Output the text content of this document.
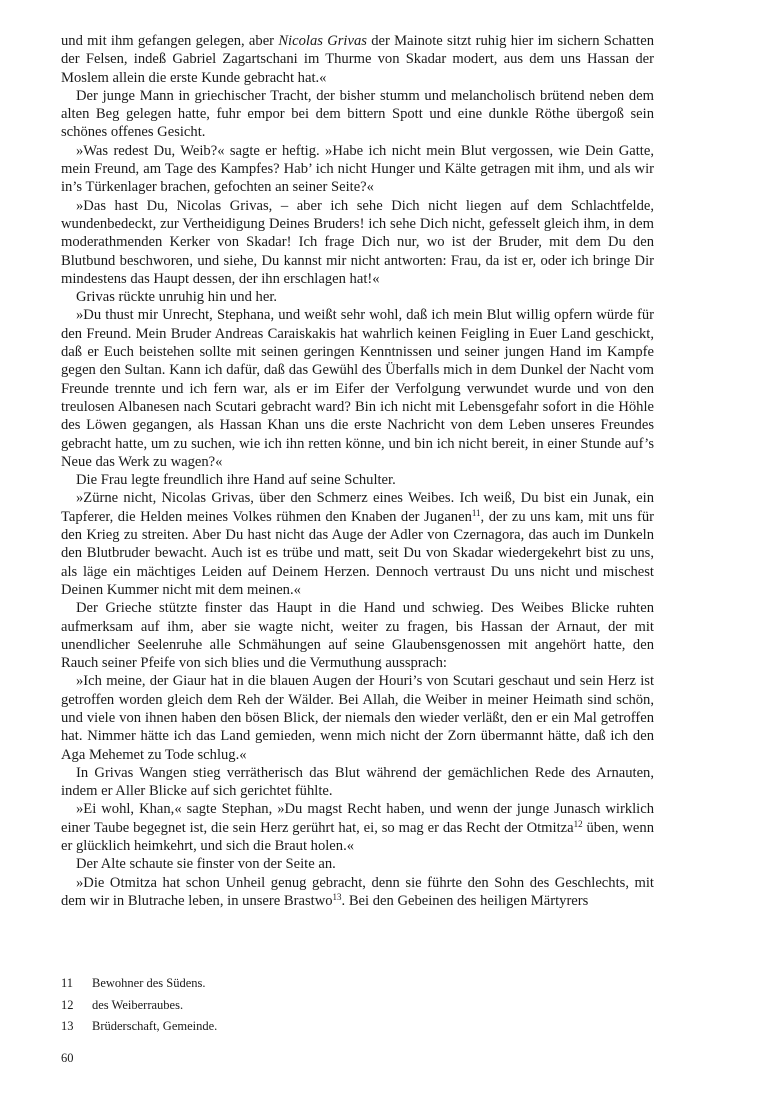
und mit ihm gefangen gelegen, aber Nicolas Grivas der Mainote sitzt ruhig hier im sichern Schatten der Felsen, indeß Gabriel Zagartschani im Thurme von Skadar modert, aus dem uns Hassan der Moslem allein die erste Kunde gebracht hat.«

Der junge Mann in griechischer Tracht, der bisher stumm und melancholisch brütend neben dem alten Beg gelegen hatte, fuhr empor bei dem bittern Spott und eine dunkle Röthe übergoß sein schönes offenes Gesicht.

»Was redest Du, Weib?« sagte er heftig. »Habe ich nicht mein Blut vergossen, wie Dein Gatte, mein Freund, am Tage des Kampfes? Hab’ ich nicht Hunger und Kälte getragen mit ihm, und als wir in’s Türkenlager brachen, gefochten an seiner Seite?«

»Das hast Du, Nicolas Grivas, – aber ich sehe Dich nicht liegen auf dem Schlachtfelde, wundenbedeckt, zur Vertheidigung Deines Bruders! ich sehe Dich nicht, gefesselt gleich ihm, in dem moderathmenden Kerker von Skadar! Ich frage Dich nur, wo ist der Bruder, mit dem Du den Blutbund beschworen, und siehe, Du kannst mir nicht antworten: Frau, da ist er, oder ich bringe Dir mindestens das Haupt dessen, der ihn erschlagen hat!«

Grivas rückte unruhig hin und her.

»Du thust mir Unrecht, Stephana, und weißt sehr wohl, daß ich mein Blut willig opfern würde für den Freund. Mein Bruder Andreas Caraiskakis hat wahrlich keinen Feigling in Euer Land geschickt, daß er Euch beistehen sollte mit seinen geringen Kenntnissen und seiner jungen Hand im Kampfe gegen den Sultan. Kann ich dafür, daß das Gewühl des Überfalls mich in dem Dunkel der Nacht vom Freunde trennte und ich fern war, als er im Eifer der Verfolgung verwundet wurde und von den treulosen Albanesen nach Scutari gebracht ward? Bin ich nicht mit Lebensgefahr sofort in die Höhle des Löwen gegangen, als Hassan Khan uns die erste Nachricht von dem Leben unseres Freundes gebracht hatte, um zu suchen, wie ich ihn retten könne, und bin ich nicht bereit, in einer Stunde auf’s Neue das Werk zu wagen?«

Die Frau legte freundlich ihre Hand auf seine Schulter.

»Zürne nicht, Nicolas Grivas, über den Schmerz eines Weibes. Ich weiß, Du bist ein Junak, ein Tapferer, die Helden meines Volkes rühmen den Knaben der Juganen$^{11}$, der zu uns kam, mit uns für den Krieg zu streiten. Aber Du hast nicht das Auge der Adler von Czernagora, das auch im Dunkeln den Blutbruder bewacht. Auch ist es trübe und matt, seit Du von Skadar wiedergekehrt bist zu uns, als läge ein mächtiges Leiden auf Deinem Herzen. Dennoch vertraust Du uns nicht und mischest Deinen Kummer nicht mit dem meinen.«

Der Grieche stützte finster das Haupt in die Hand und schwieg. Des Weibes Blicke ruhten aufmerksam auf ihm, aber sie wagte nicht, weiter zu fragen, bis Hassan der Arnaut, der mit unendlicher Seelenruhe alle Schmähungen auf seine Glaubensgenossen mit angehört hatte, den Rauch seiner Pfeife von sich blies und die Vermuthung aussprach:

»Ich meine, der Giaur hat in die blauen Augen der Houri’s von Scutari geschaut und sein Herz ist getroffen worden gleich dem Reh der Wälder. Bei Allah, die Weiber in meiner Heimath sind schön, und viele von ihnen haben den bösen Blick, der niemals den wieder verläßt, den er ein Mal getroffen hat. Nimmer hätte ich das Land gemieden, wenn mich nicht der Zorn übermannt hätte, daß ich den Aga Mehemet zu Tode schlug.«

In Grivas Wangen stieg verrätherisch das Blut während der gemächlichen Rede des Arnauten, indem er Aller Blicke auf sich gerichtet fühlte.

»Ei wohl, Khan,« sagte Stephan, »Du magst Recht haben, und wenn der junge Junasch wirklich einer Taube begegnet ist, die sein Herz gerührt hat, ei, so mag er das Recht der Otmitza$^{12}$ üben, wenn er glücklich heimkehrt, und sich die Braut holen.«

Der Alte schaute sie finster von der Seite an.

»Die Otmitza hat schon Unheil genug gebracht, denn sie führte den Sohn des Geschlechts, mit dem wir in Blutrache leben, in unsere Brastwo$^{13}$. Bei den Gebeinen des heiligen Märtyrers

11	Bewohner des Südens.
12	des Weiberraubes.
13	Brüderschaft, Gemeinde.
60
